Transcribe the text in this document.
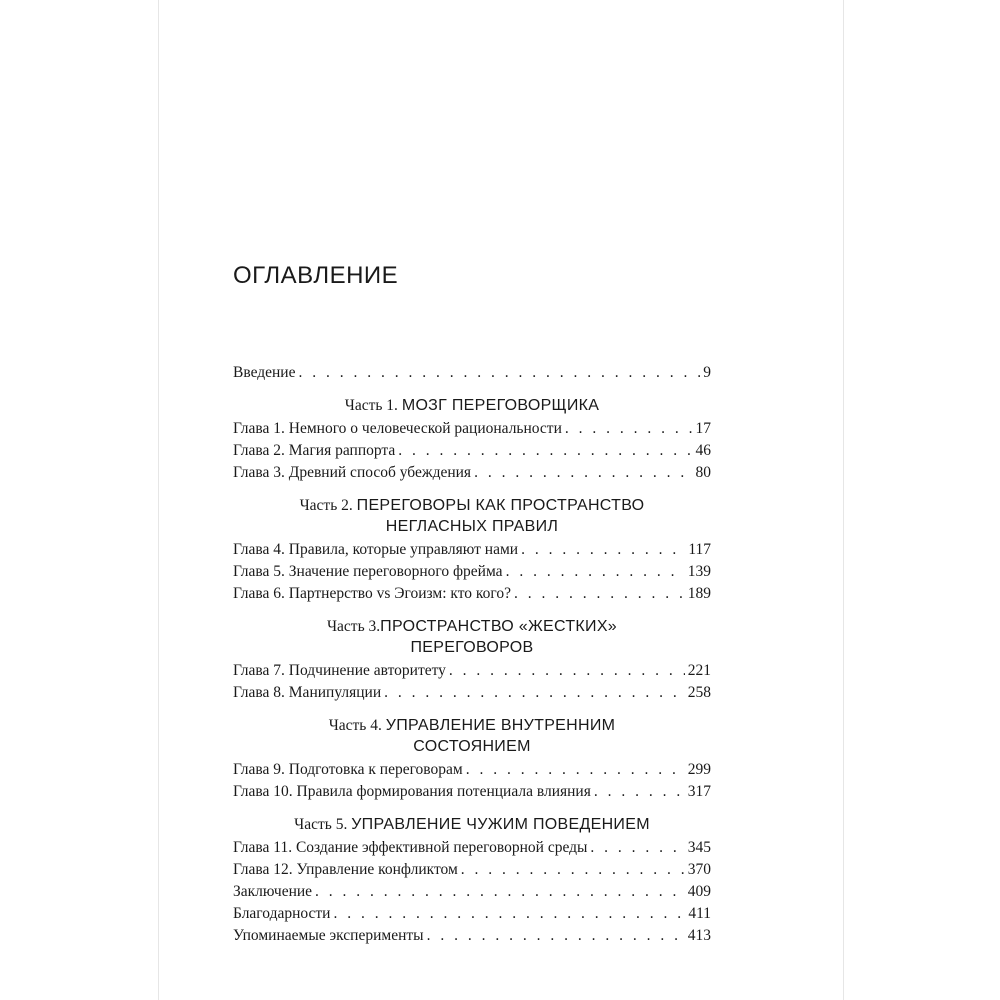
ОГЛАВЛЕНИЕ
Введение . . .	9
Часть 1. МОЗГ ПЕРЕГОВОРЩИКА
Глава 1. Немного о человеческой рациональности . . .	17
Глава 2. Магия раппорта . . .	46
Глава 3. Древний способ убеждения . . .	80
Часть 2. ПЕРЕГОВОРЫ КАК ПРОСТРАНСТВО
НЕГЛАСНЫХ ПРАВИЛ
Глава 4. Правила, которые управляют нами . . .	117
Глава 5. Значение переговорного фрейма . . .	139
Глава 6. Партнерство vs Эгоизм: кто кого? . . .	189
Часть 3.ПРОСТРАНСТВО «ЖЕСТКИХ»
ПЕРЕГОВОРОВ
Глава 7. Подчинение авторитету . . .	221
Глава 8. Манипуляции . . .	258
Часть 4. УПРАВЛЕНИЕ ВНУТРЕННИМ
СОСТОЯНИЕМ
Глава 9. Подготовка к переговорам . . .	299
Глава 10. Правила формирования потенциала влияния . . .	317
Часть 5. УПРАВЛЕНИЕ ЧУЖИМ ПОВЕДЕНИЕМ
Глава 11. Создание эффективной переговорной среды . . .	345
Глава 12. Управление конфликтом . . .	370
Заключение . . .	409
Благодарности . . .	411
Упоминаемые эксперименты . . .	413
